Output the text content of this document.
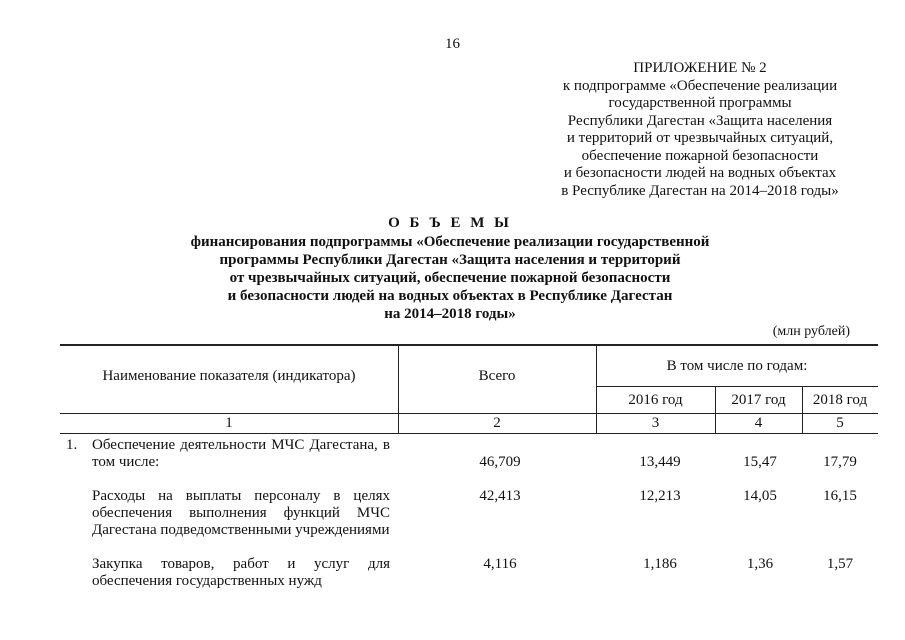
16
ПРИЛОЖЕНИЕ № 2
к подпрограмме «Обеспечение реализации
государственной программы
Республики Дагестан «Защита населения
и территорий от чрезвычайных ситуаций,
обеспечение пожарной безопасности
и безопасности людей на водных объектах
в Республике Дагестан на 2014–2018 годы»
О Б Ъ Е М Ы
финансирования подпрограммы «Обеспечение реализации государственной
программы Республики Дагестан «Защита населения и территорий
от чрезвычайных ситуаций, обеспечение пожарной безопасности
и безопасности людей на водных объектах в Республике Дагестан
на 2014–2018 годы»
(млн рублей)
Наименование показателя (индикатора)	Всего
В том числе по годам:
2016 год	2017 год	2018 год
1	2	3	4	5
1. Обеспечение деятельности МЧС Дагестана, в
том числе:	46,709	13,449	15,47	17,79
Расходы на выплаты персоналу в целях
обеспечения выполнения функций МЧС
Дагестана подведомственными учреждениями
42,413	12,213	14,05	16,15
Закупка товаров, работ и услуг для
обеспечения государственных нужд
4,116	1,186	1,36	1,57
